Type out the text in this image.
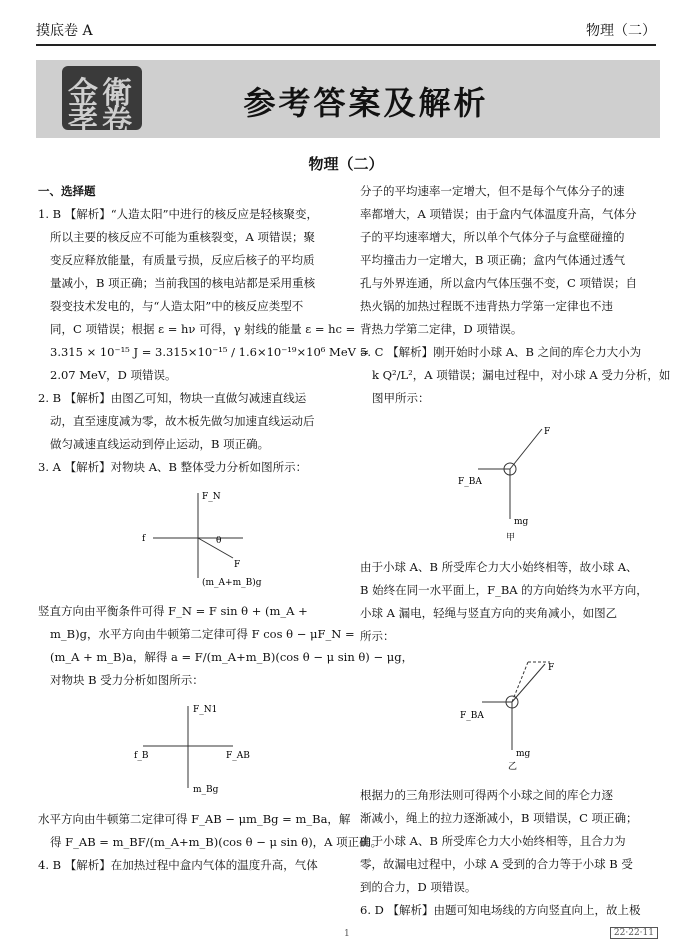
摸底卷 A	物理（二）
金 衛
孝 卷	参考答案及解析
物理（二）
一、选择题
1. B 【解析】“人造太阳”中进行的核反应是轻核聚变，
所以主要的核反应不可能为重核裂变，A 项错误；聚
变反应释放能量，有质量亏损，反应后核子的平均质
量减小，B 项正确；当前我国的核电站都是采用重核
裂变技术发电的，与“人造太阳”中的核反应类型不
同，C 项错误；根据 ε = hν 可得，γ 射线的能量 ε = hc =
3.315 × 10⁻¹⁵ J = 3.315×10⁻¹⁵ / 1.6×10⁻¹⁹×10⁶ MeV ≈
2.07 MeV，D 项错误。
2. B 【解析】由图乙可知，物块一直做匀减速直线运
动，直至速度减为零，故木板先做匀加速直线运动后
做匀减速直线运动到停止运动，B 项正确。
3. A 【解析】对物块 A、B 整体受力分析如图所示：
F_N
f	θ
F
(m_A+m_B)g
竖直方向由平衡条件可得 F_N = F sin θ + (m_A +
m_B)g，水平方向由牛顿第二定律可得 F cos θ − μF_N =
(m_A + m_B)a，解得 a = F/(m_A+m_B)(cos θ − μ sin θ) − μg，
对物块 B 受力分析如图所示：
F_N1
f_B	F_AB
m_Bg
水平方向由牛顿第二定律可得 F_AB − μm_Bg = m_Ba，解
得 F_AB = m_BF/(m_A+m_B)(cos θ − μ sin θ)，A 项正确。
4. B 【解析】在加热过程中盒内气体的温度升高，气体
分子的平均速率一定增大，但不是每个气体分子的速
率都增大，A 项错误；由于盒内气体温度升高，气体分
子的平均速率增大，所以单个气体分子与盒壁碰撞的
平均撞击力一定增大，B 项正确；盒内气体通过透气
孔与外界连通，所以盒内气体压强不变，C 项错误；自
热火锅的加热过程既不违背热力学第一定律也不违
背热力学第二定律，D 项错误。
5. C 【解析】刚开始时小球 A、B 之间的库仑力大小为
k Q²/L²，A 项错误；漏电过程中，对小球 A 受力分析，如
图甲所示：
F
F_BA
mg
甲
由于小球 A、B 所受库仑力大小始终相等，故小球 A、
B 始终在同一水平面上，F_BA 的方向始终为水平方向，
小球 A 漏电，轻绳与竖直方向的夹角减小，如图乙
所示：
F
F_BA
mg
乙
根据力的三角形法则可得两个小球之间的库仑力逐
渐减小，绳上的拉力逐渐减小，B 项错误，C 项正确；
由于小球 A、B 所受库仑力大小始终相等，且合力为
零，故漏电过程中，小球 A 受到的合力等于小球 B 受
到的合力，D 项错误。
6. D 【解析】由题可知电场线的方向竖直向上，故上极
1	22·22·11
